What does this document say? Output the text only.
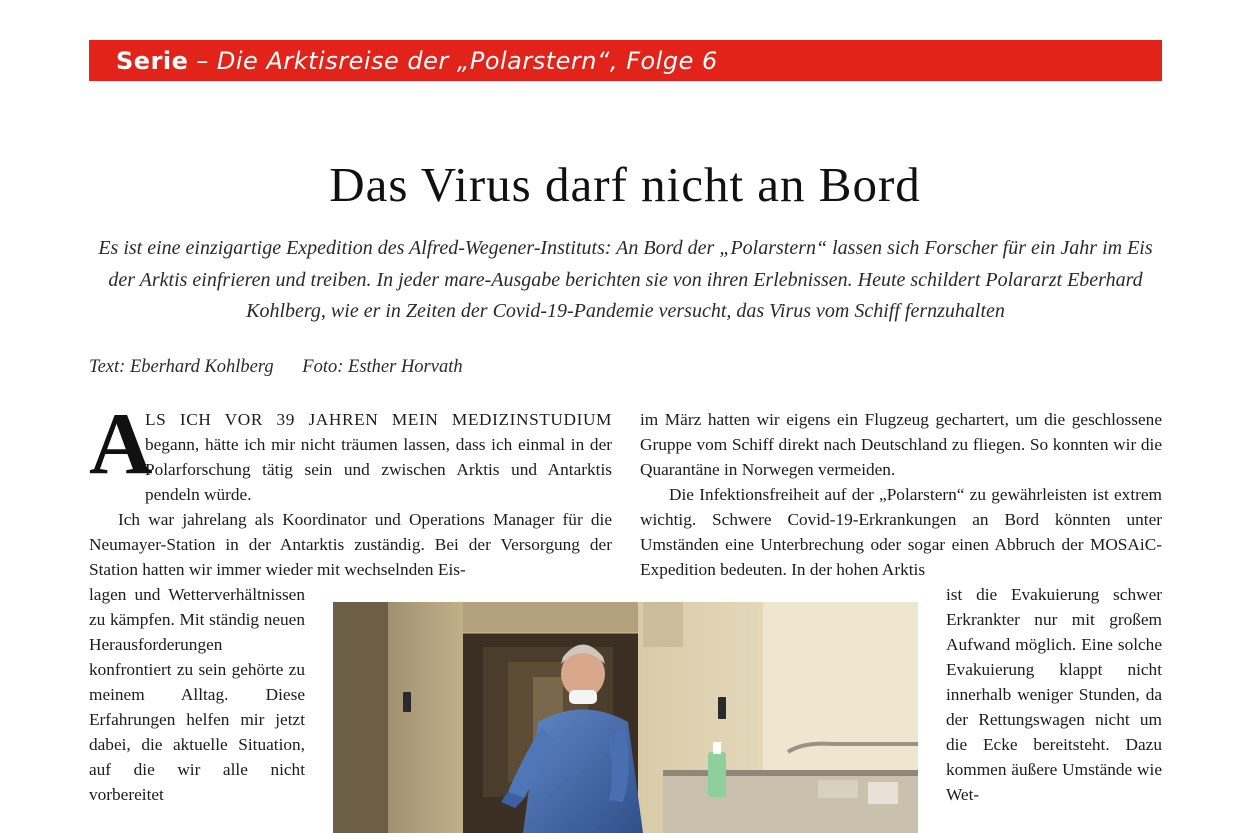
Serie – Die Arktisreise der „Polarstern“, Folge 6
Das Virus darf nicht an Bord

Es ist eine einzigartige Expedition des Alfred-Wegener-Instituts: An Bord der „Polarstern“ lassen sich Forscher für ein Jahr im Eis der Arktis einfrieren und treiben. In jeder mare-Ausgabe berichten sie von ihren Erlebnissen. Heute schildert Polararzt Eberhard Kohlberg, wie er in Zeiten der Covid-19-Pandemie versucht, das Virus vom Schiff fernzuhalten

Text: Eberhard Kohlberg Foto: Esther Horvath

A
LS ICH VOR 39 JAHREN MEIN MEDIZINSTUDIUM begann, hätte ich mir nicht träumen lassen, dass ich einmal in der Polarforschung tätig sein und zwischen Arktis und Antarktis pendeln würde.

Ich war jahrelang als Koordinator und Operations Manager für die Neumayer-Station in der Antarktis zuständig. Bei der Versorgung der Station hatten wir immer wieder mit wechselnden Eis-

lagen und Wetterverhältnissen zu kämpfen. Mit ständig neuen Herausforderungen konfrontiert zu sein gehörte zu meinem Alltag. Diese Erfahrungen helfen mir jetzt dabei, die aktuelle Situation, auf die wir alle nicht vorbereitet

im März hatten wir eigens ein Flugzeug gechartert, um die geschlossene Gruppe vom Schiff direkt nach Deutschland zu fliegen. So konnten wir die Quarantäne in Norwegen vermeiden.

Die Infektionsfreiheit auf der „Polarstern“ zu gewährleisten ist extrem wichtig. Schwere Covid-19-Erkrankungen an Bord könnten unter Umständen eine Unterbrechung oder sogar einen Abbruch der MOSAiC-Expedition bedeuten. In der hohen Arktis

ist die Evakuierung schwer Erkrankter nur mit großem Aufwand möglich. Eine solche Evakuierung klappt nicht innerhalb weniger Stunden, da der Rettungswagen nicht um die Ecke bereitsteht. Dazu kommen äußere Umstände wie Wet-
